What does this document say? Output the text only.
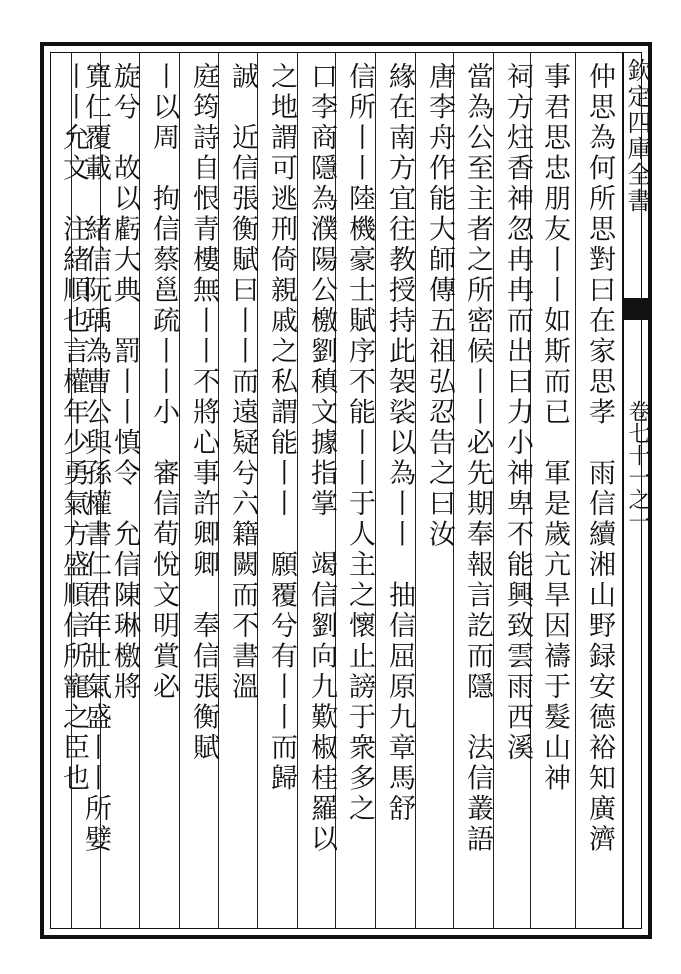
欽定四庫全書
卷七十一之一
仲思為何所思對曰在家思孝　雨信續湘山野録安德裕知廣濟
事君思忠朋友丨丨如斯而已　軍是歲亢旱因禱于髮山神
祠方炷香神忽冉冉而出曰力小神卑不能興致雲雨西溪
當為公至主者之所密候丨丨必先期奉報言訖而隱　法信叢語
唐李舟作能大師傳五祖弘忍告之曰汝
緣在南方宜往教授持此袈裟以為丨丨　抽信屈原九章馬舒
信所丨丨陸機豪士賦序不能丨丨于人主之懷止謗于衆多之
口李商隱為濮陽公檄劉稹文據指掌　竭信劉向九歎椒桂羅以
之地謂可逃刑倚親戚之私謂能丨丨　願覆兮有丨丨而歸
誠　近信張衡賦曰丨丨而遠疑兮六籍闕而不書溫
庭筠詩自恨青樓無丨丨不將心事許卿卿　奉信張衡賦
丨以周　拘信蔡邕疏丨丨小　審信荀悅文明賞必
旋兮　故以虧大典　罰丨丨慎令　允信陳琳檄將
寬仁覆載　緒信阮瑀為曹公與孫權書仁君年壯氣盛丨丨所嬖
丨丨允文　注緒順也言權年少勇氣方盛順信所寵之臣也
